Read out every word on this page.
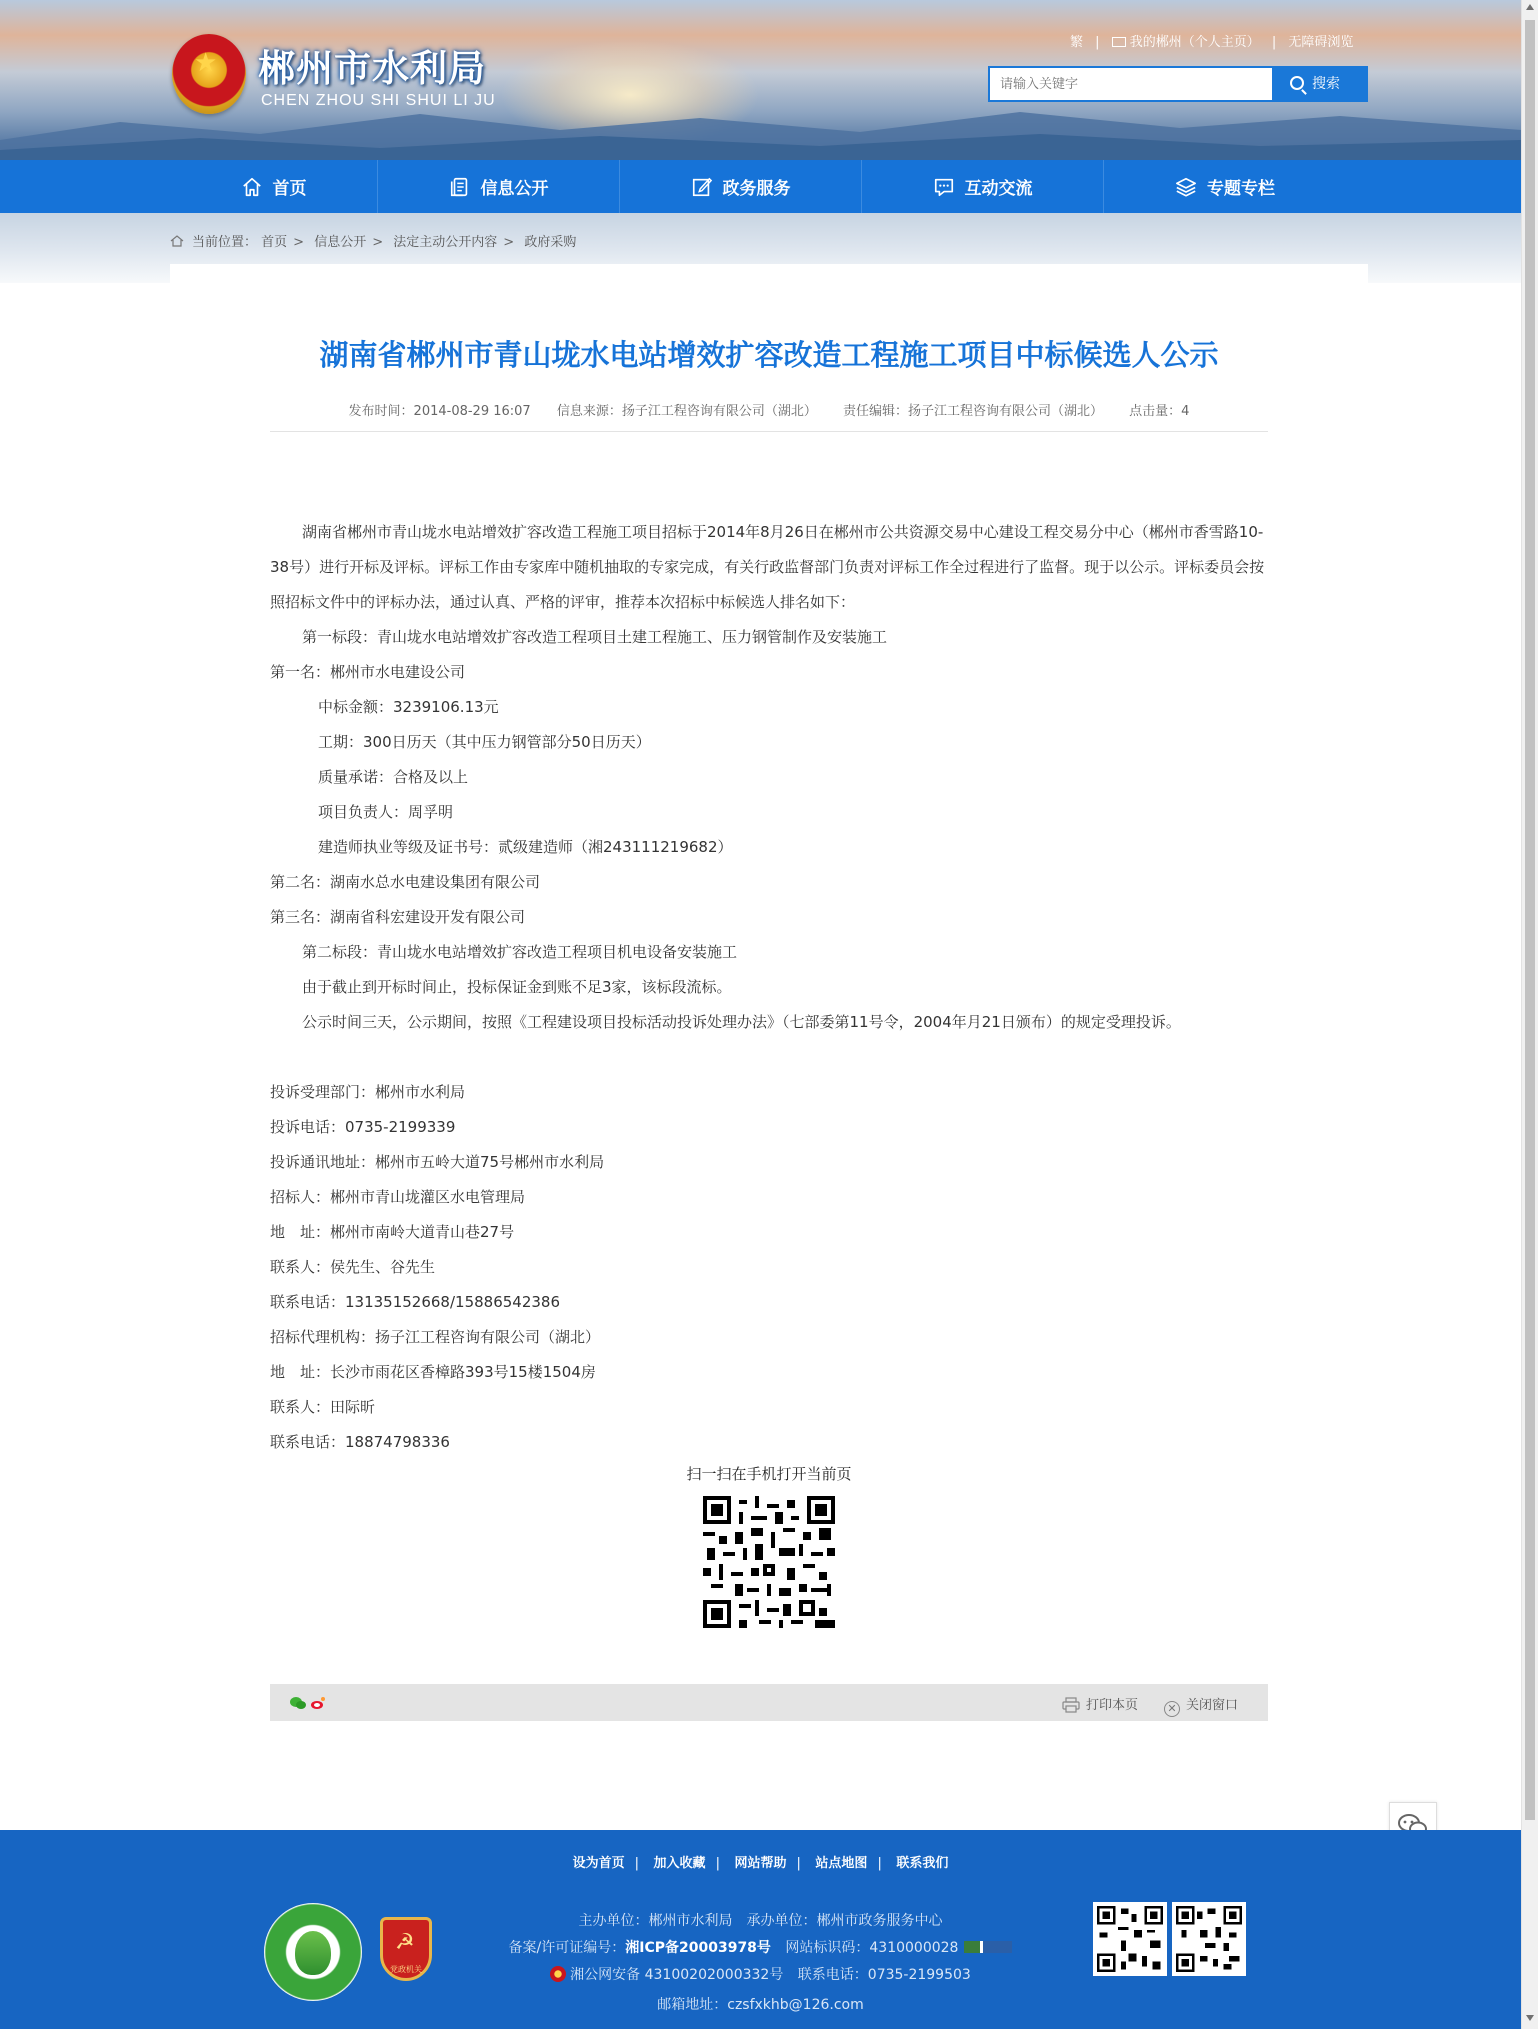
★ 郴州市水利局
CHEN ZHOU SHI SHUI LI JU
繁 | 我的郴州（个人主页） | 无障碍浏览
请输入关键字
搜索
首页	信息公开	政务服务	互动交流	专题专栏
当前位置： 首页 > 信息公开 > 法定主动公开内容 > 政府采购
湖南省郴州市青山垅水电站增效扩容改造工程施工项目中标候选人公示
发布时间：2014-08-29 16:07 信息来源：扬子江工程咨询有限公司（湖北） 责任编辑：扬子江工程咨询有限公司（湖北） 点击量：4

湖南省郴州市青山垅水电站增效扩容改造工程施工项目招标于2014年8月26日在郴州市公共资源交易中心建设工程交易分中心（郴州市香雪路10-38号）进行开标及评标。评标工作由专家库中随机抽取的专家完成，有关行政监督部门负责对评标工作全过程进行了监督。现于以公示。评标委员会按照招标文件中的评标办法，通过认真、严格的评审，推荐本次招标中标候选人排名如下：

第一标段：青山垅水电站增效扩容改造工程项目土建工程施工、压力钢管制作及安装施工

第一名：郴州市水电建设公司

中标金额：3239106.13元

工期：300日历天（其中压力钢管部分50日历天）

质量承诺：合格及以上

项目负责人：周孚明

建造师执业等级及证书号：贰级建造师（湘243111219682）

第二名：湖南水总水电建设集团有限公司

第三名：湖南省科宏建设开发有限公司

第二标段：青山垅水电站增效扩容改造工程项目机电设备安装施工

由于截止到开标时间止，投标保证金到账不足3家，该标段流标。

公示时间三天，公示期间，按照《工程建设项目投标活动投诉处理办法》（七部委第11号令，2004年月21日颁布）的规定受理投诉。

投诉受理部门：郴州市水利局

投诉电话：0735-2199339

投诉通讯地址：郴州市五岭大道75号郴州市水利局

招标人：郴州市青山垅灌区水电管理局

地　址：郴州市南岭大道青山巷27号

联系人：侯先生、谷先生

联系电话：13135152668/15886542386

招标代理机构：扬子江工程咨询有限公司（湖北）

地　址：长沙市雨花区香樟路393号15楼1504房

联系人：田际昕

联系电话：18874798336

扫一扫在手机打开当前页
打印本页	✕ 关闭窗口
设为首页 | 加入收藏 | 网站帮助 | 站点地图 | 联系我们
主办单位：郴州市水利局　承办单位：郴州市政务服务中心
备案/许可证编号：湘ICP备20003978号 网站标识码：4310000028
湘公网安备 43100202000332号 联系电话：0735-2199503
邮箱地址：czsfxkhb@126.com
☭
党政机关
